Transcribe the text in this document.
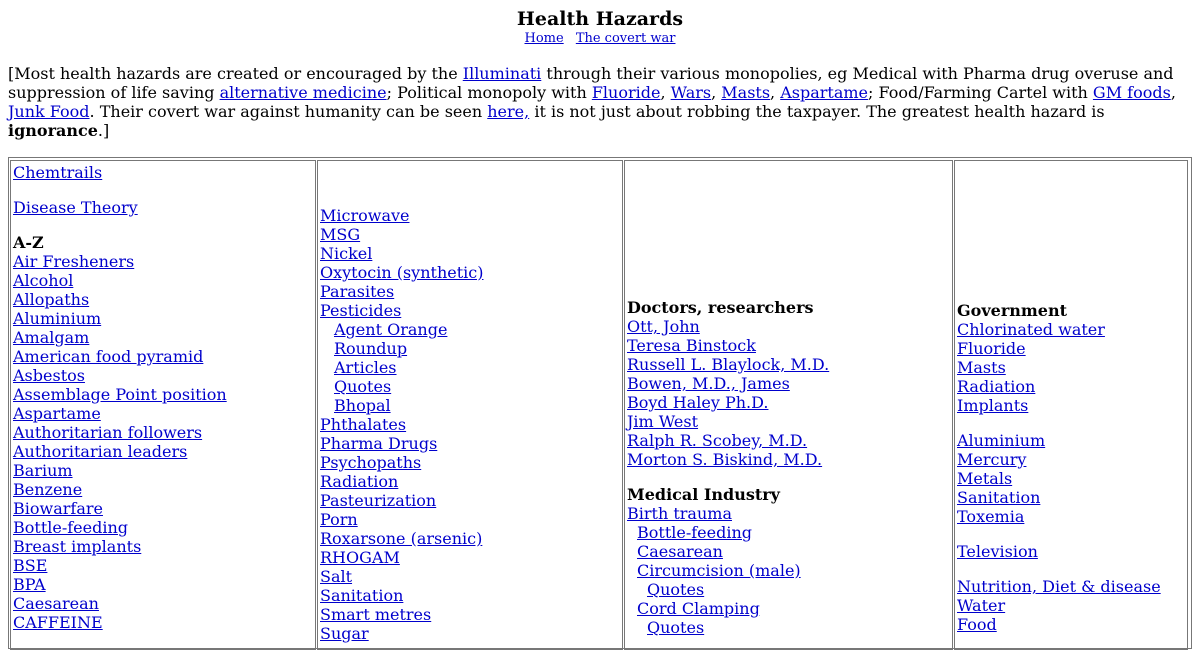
Health Hazards
Home The covert war
[Most health hazards are created or encouraged by the Illuminati through their various monopolies, eg Medical with Pharma drug overuse and suppression of life saving alternative medicine; Political monopoly with Fluoride, Wars, Masts, Aspartame; Food/Farming Cartel with GM foods, Junk Food. Their covert war against humanity can be seen here, it is not just about robbing the taxpayer. The greatest health hazard is ignorance.]
Chemtrails
Disease Theory
A-Z
Air Fresheners
Alcohol
Allopaths
Aluminium
Amalgam
American food pyramid
Asbestos
Assemblage Point position
Aspartame
Authoritarian followers
Authoritarian leaders
Barium
Benzene
Biowarfare
Bottle-feeding
Breast implants
BSE
BPA
Caesarean
CAFFEINE
Microwave
MSG
Nickel
Oxytocin (synthetic)
Parasites
Pesticides
Agent Orange
Roundup
Articles
Quotes
Bhopal
Phthalates
Pharma Drugs
Psychopaths
Radiation
Pasteurization
Porn
Roxarsone (arsenic)
RHOGAM
Salt
Sanitation
Smart metres
Sugar
Doctors, researchers
Ott, John
Teresa Binstock
Russell L. Blaylock, M.D.
Bowen, M.D., James
Boyd Haley Ph.D.
Jim West
Ralph R. Scobey, M.D.
Morton S. Biskind, M.D.
Medical Industry
Birth trauma
Bottle-feeding
Caesarean
Circumcision (male)
Quotes
Cord Clamping
Quotes
Government
Chlorinated water
Fluoride
Masts
Radiation
Implants
Aluminium
Mercury
Metals
Sanitation
Toxemia
Television
Nutrition, Diet & disease
Water
Food
